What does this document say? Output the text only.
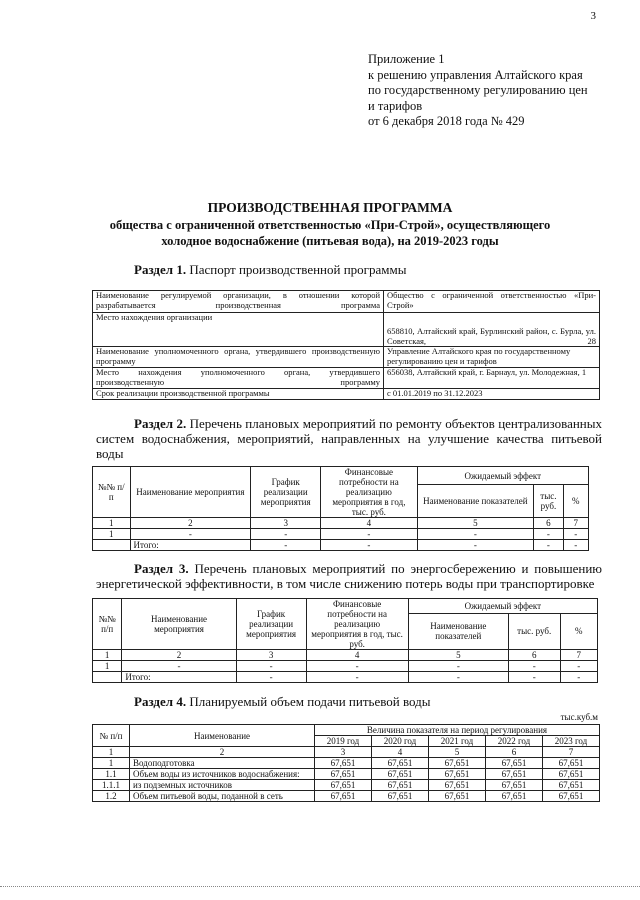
3
Приложение 1
к решению управления Алтайского края
по государственному регулированию цен
и тарифов
от 6 декабря 2018 года № 429
ПРОИЗВОДСТВЕННАЯ ПРОГРАММА
общества с ограниченной ответственностью «При-Строй», осуществляющего
холодное водоснабжение (питьевая вода), на 2019-2023 годы
Раздел 1. Паспорт производственной программы
Наименование регулируемой организации, в отношении которой разрабатывается производственная программа	Общество с ограниченной ответственностью «При-Строй»
Место нахождения организации	658810, Алтайский край, Бурлинский район, с. Бурла, ул. Советская, 28
Наименование уполномоченного органа, утвердившего производственную программу	Управление Алтайского края по государственному регулированию цен и тарифов
Место нахождения уполномоченного органа, утвердившего производственную программу	656038, Алтайский край, г. Барнаул, ул. Молодежная, 1
Срок реализации производственной программы	с 01.01.2019 по 31.12.2023
Раздел 2. Перечень плановых мероприятий по ремонту объектов централизованных
систем водоснабжения, мероприятий, направленных на улучшение качества питьевой
воды
№№ п/п	Наименование мероприятия	График реализации мероприятия	Финансовые потребности на реализацию мероприятия в год, тыс. руб.	Ожидаемый эффект		
				Наименование показателей	тыс. руб.	%
1	2	3	4	5	6	7
1	-	-	-	-	-	-
	Итого:	-	-	-	-	-
Раздел 3. Перечень плановых мероприятий по энергосбережению и повышению
энергетической эффективности, в том числе снижению потерь воды при транспортировке
№№ п/п	Наименование мероприятия	График реализации мероприятия	Финансовые потребности на реализацию мероприятия в год, тыс. руб.	Ожидаемый эффект		
				Наименование показателей	тыс. руб.	%
1	2	3	4	5	6	7
1	-	-	-	-	-	-
	Итого:	-	-	-	-	-
Раздел 4. Планируемый объем подачи питьевой воды
тыс.куб.м
№ п/п	Наименование	Величина показателя на период регулирования				
		2019 год	2020 год	2021 год	2022 год	2023 год
1	2	3	4	5	6	7
1	Водоподготовка	67,651	67,651	67,651	67,651	67,651
1.1	Объем воды из источников водоснабжения:	67,651	67,651	67,651	67,651	67,651
1.1.1	из подземных источников	67,651	67,651	67,651	67,651	67,651
1.2	Объем питьевой воды, поданной в сеть	67,651	67,651	67,651	67,651	67,651
